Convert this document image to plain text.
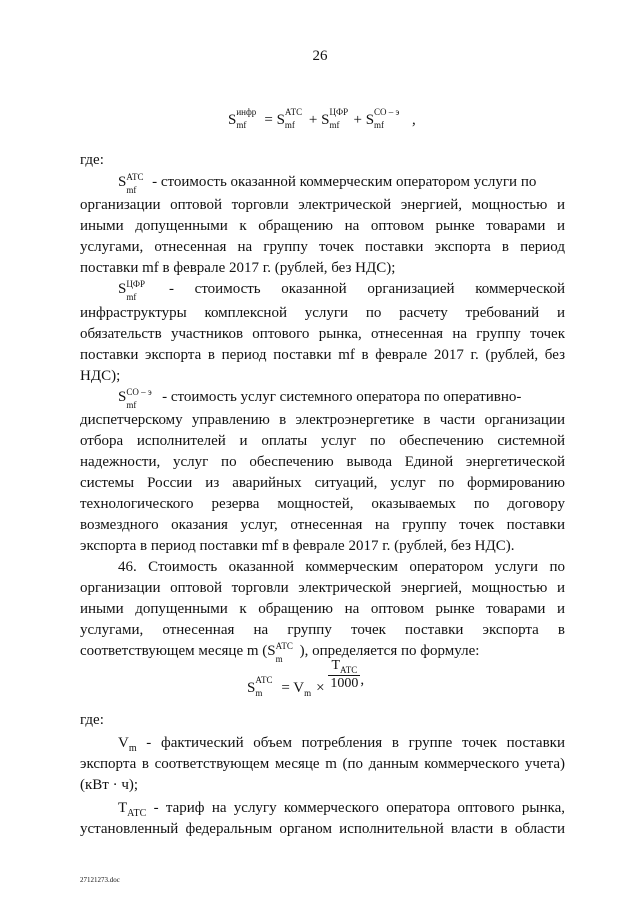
26
S инфр
mf = S АТС
mf + S ЦФР
mf + S СО – э
mf ,
где:
S АТС
mf - стоимость оказанной коммерческим оператором услуги по
организации оптовой торговли электрической энергией, мощностью и
иными допущенными к обращению на оптовом рынке товарами и
услугами, отнесенная на группу точек поставки экспорта в период
поставки mf в феврале 2017 г. (рублей, без НДС);
S ЦФР
mf - стоимость оказанной организацией коммерческой
инфраструктуры комплексной услуги по расчету требований и
обязательств участников оптового рынка, отнесенная на группу точек
поставки экспорта в период поставки mf в феврале 2017 г. (рублей, без
НДС);
S СО – э
mf - стоимость услуг системного оператора по оперативно-
диспетчерскому управлению в электроэнергетике в части организации
отбора исполнителей и оплаты услуг по обеспечению системной
надежности, услуг по обеспечению вывода Единой энергетической
системы России из аварийных ситуаций, услуг по формированию
технологического резерва мощностей, оказываемых по договору
возмездного оказания услуг, отнесенная на группу точек поставки
экспорта в период поставки mf в феврале 2017 г. (рублей, без НДС).
46. Стоимость оказанной коммерческим оператором услуги по
организации оптовой торговли электрической энергией, мощностью и
иными допущенными к обращению на оптовом рынке товарами и
услугами, отнесенная на группу точек поставки экспорта в
соответствующем месяце m (S АТС
m ), определяется по формуле:
S АТС
m = V $m \times \frac{T_{АТС}}{1000}$ ,
где:
$V_m$ - фактический объем потребления в группе точек поставки
экспорта в соответствующем месяце m (по данным коммерческого учета)
(кВт · ч);
$T_{АТС}$ - тариф на услугу коммерческого оператора оптового рынка,
установленный федеральным органом исполнительной власти в области
27121273.doc
